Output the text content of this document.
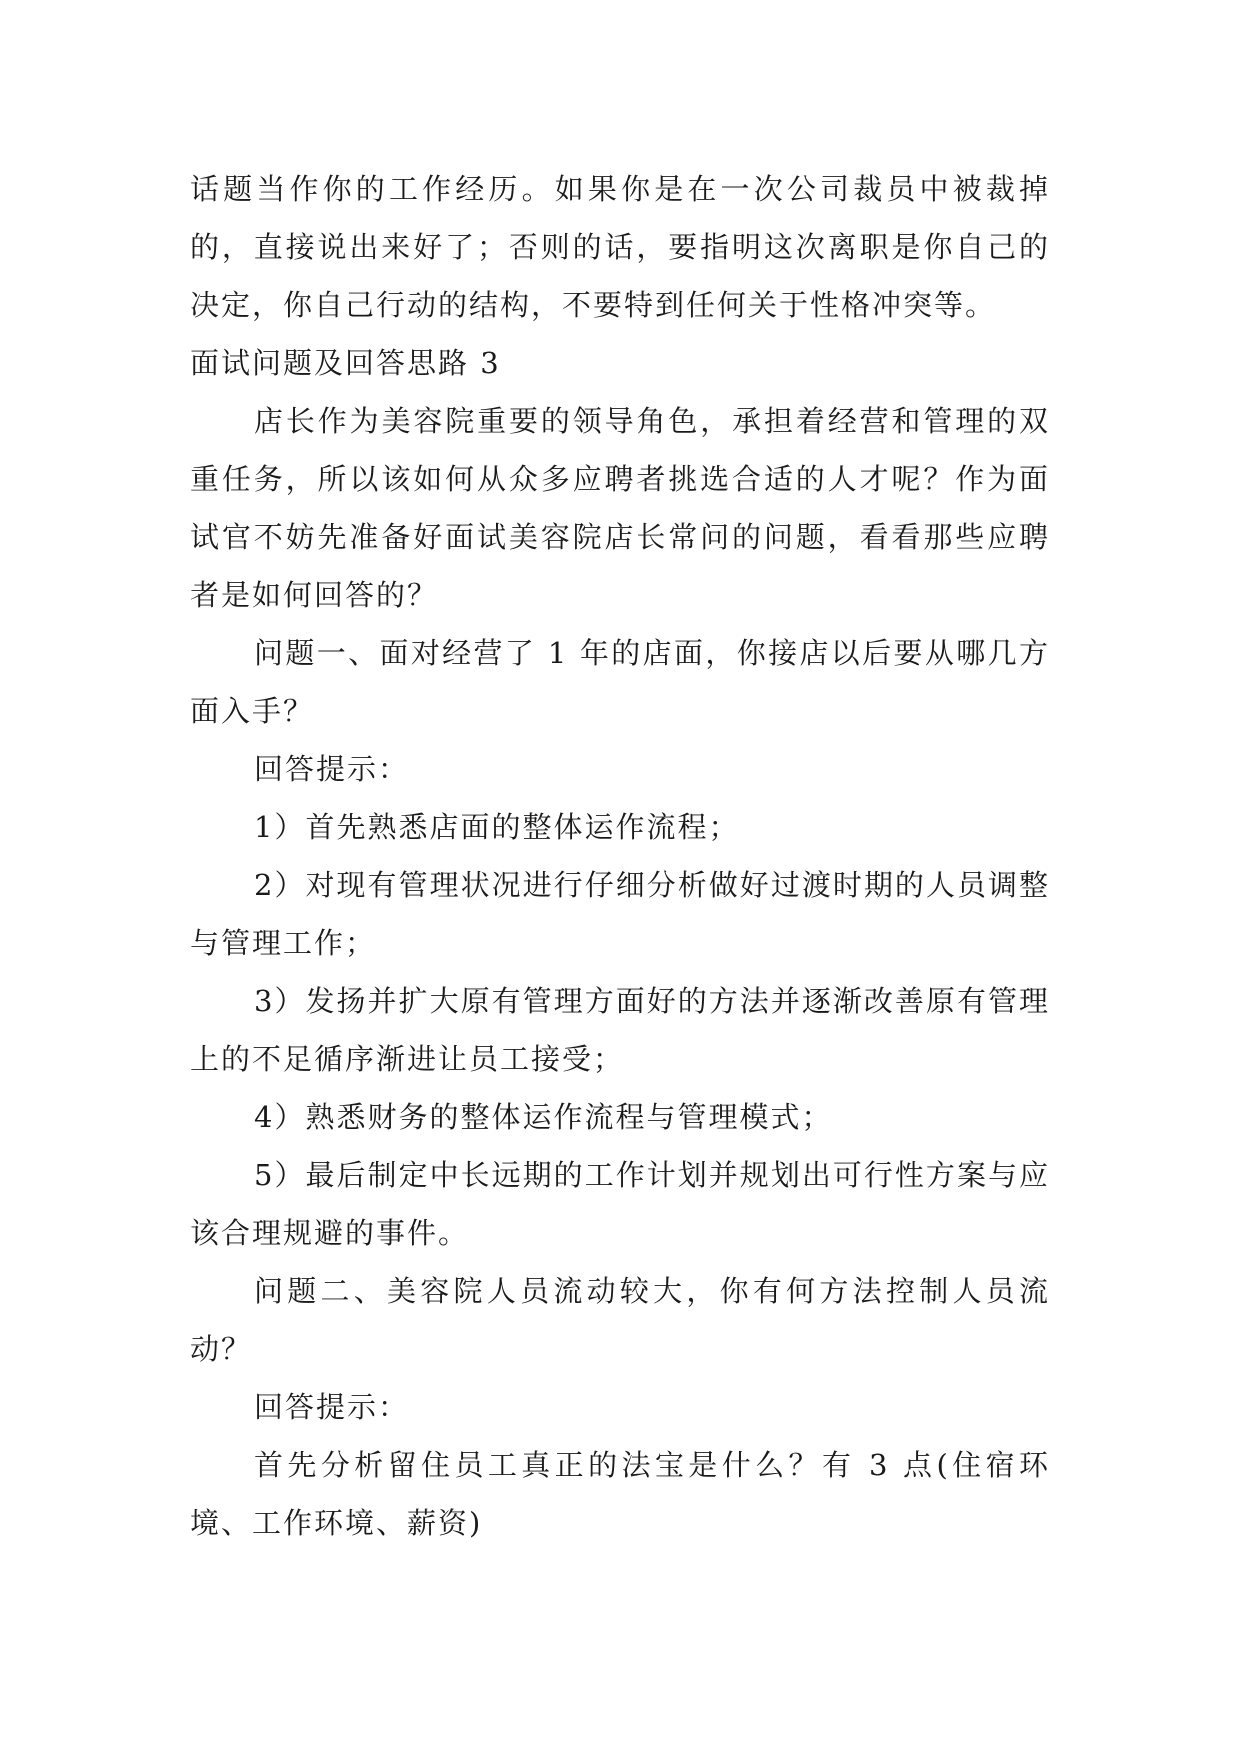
话题当作你的工作经历。如果你是在一次公司裁员中被裁掉的，直接说出来好了；否则的话，要指明这次离职是你自己的决定，你自己行动的结构，不要特到任何关于性格冲突等。

面试问题及回答思路 3

店长作为美容院重要的领导角色，承担着经营和管理的双重任务，所以该如何从众多应聘者挑选合适的人才呢？作为面试官不妨先准备好面试美容院店长常问的问题，看看那些应聘者是如何回答的？

问题一、面对经营了 1 年的店面，你接店以后要从哪几方面入手？

回答提示：

1）首先熟悉店面的整体运作流程；

2）对现有管理状况进行仔细分析做好过渡时期的人员调整与管理工作；

3）发扬并扩大原有管理方面好的方法并逐渐改善原有管理上的不足循序渐进让员工接受；

4）熟悉财务的整体运作流程与管理模式；

5）最后制定中长远期的工作计划并规划出可行性方案与应该合理规避的事件。

问题二、美容院人员流动较大，你有何方法控制人员流动？

回答提示：

首先分析留住员工真正的法宝是什么？有 3 点(住宿环境、工作环境、薪资)
